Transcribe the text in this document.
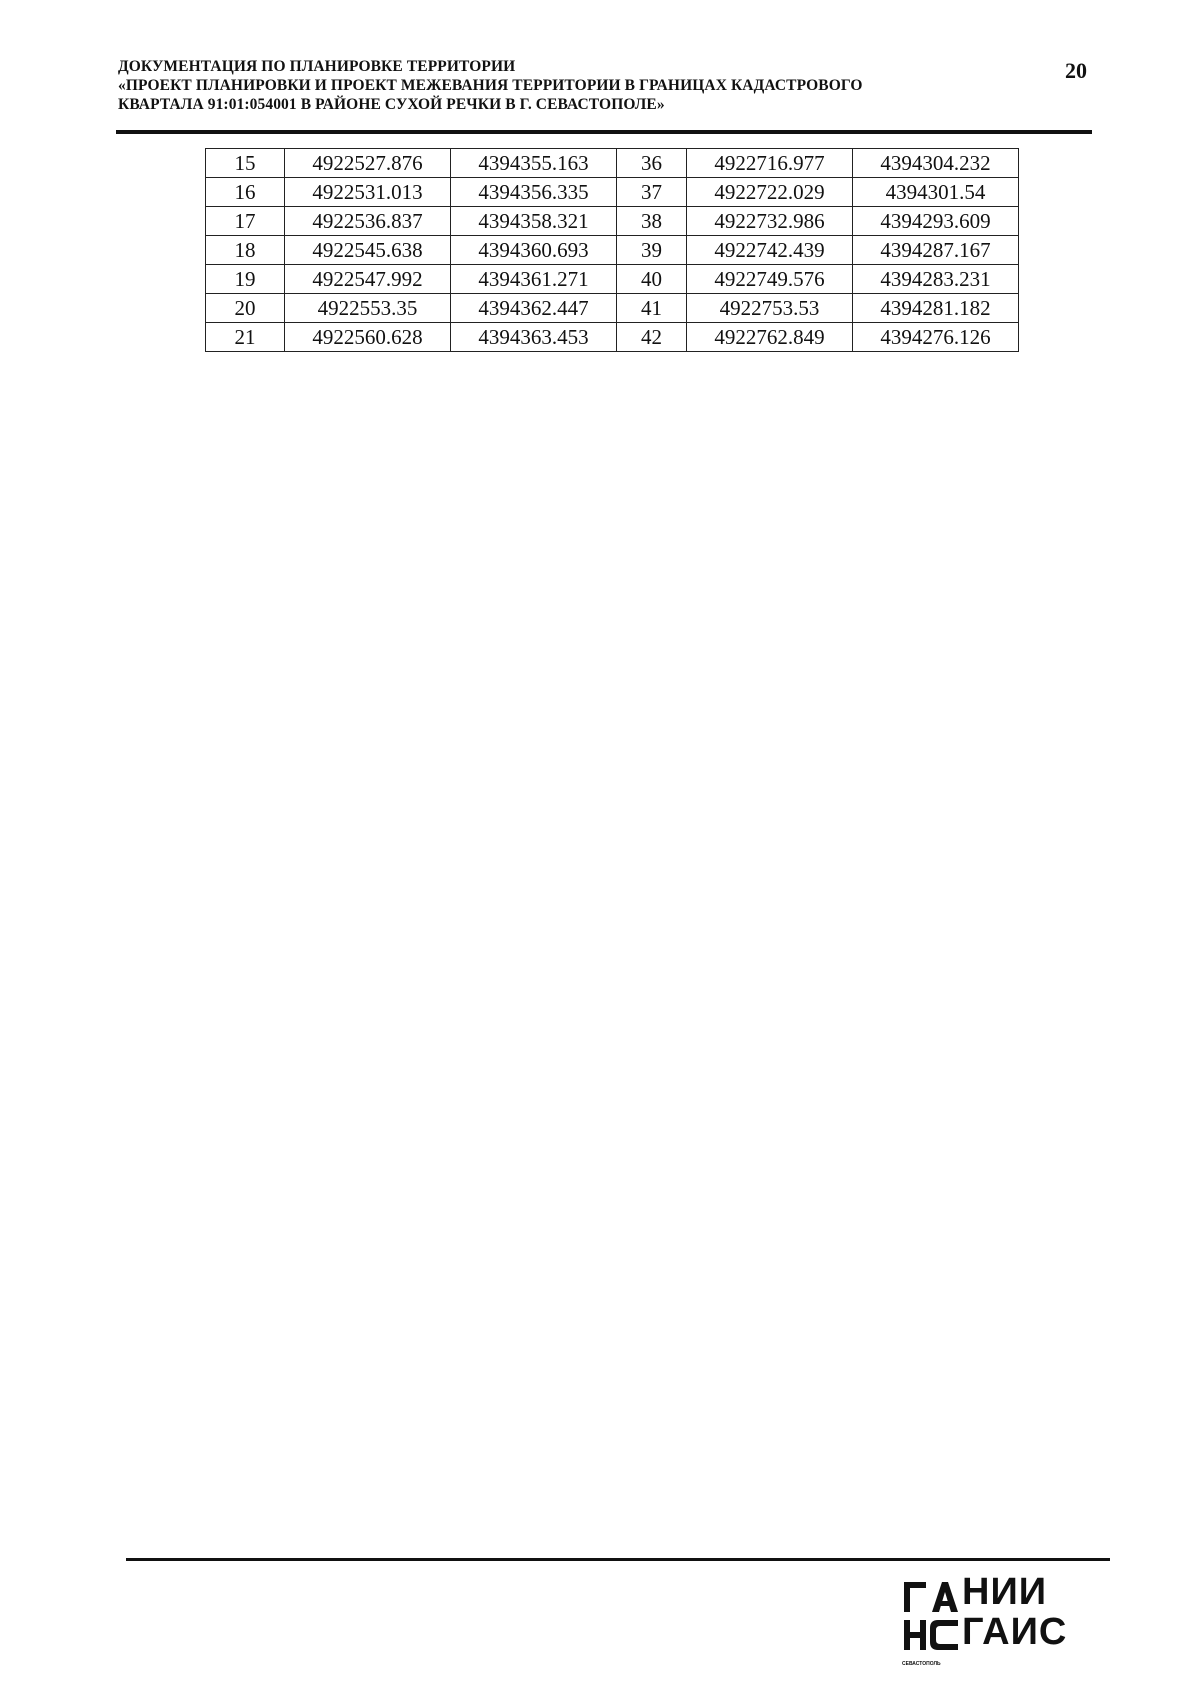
ДОКУМЕНТАЦИЯ ПО ПЛАНИРОВКЕ ТЕРРИТОРИИ
«ПРОЕКТ ПЛАНИРОВКИ И ПРОЕКТ МЕЖЕВАНИЯ ТЕРРИТОРИИ В ГРАНИЦАХ КАДАСТРОВОГО
КВАРТАЛА 91:01:054001 В РАЙОНЕ СУХОЙ РЕЧКИ В Г. СЕВАСТОПОЛЕ»
20
15	4922527.876	4394355.163	36	4922716.977	4394304.232
16	4922531.013	4394356.335	37	4922722.029	4394301.54
17	4922536.837	4394358.321	38	4922732.986	4394293.609
18	4922545.638	4394360.693	39	4922742.439	4394287.167
19	4922547.992	4394361.271	40	4922749.576	4394283.231
20	4922553.35	4394362.447	41	4922753.53	4394281.182
21	4922560.628	4394363.453	42	4922762.849	4394276.126
СЕВАСТОПОЛЬ
НИИ
ГАИС
